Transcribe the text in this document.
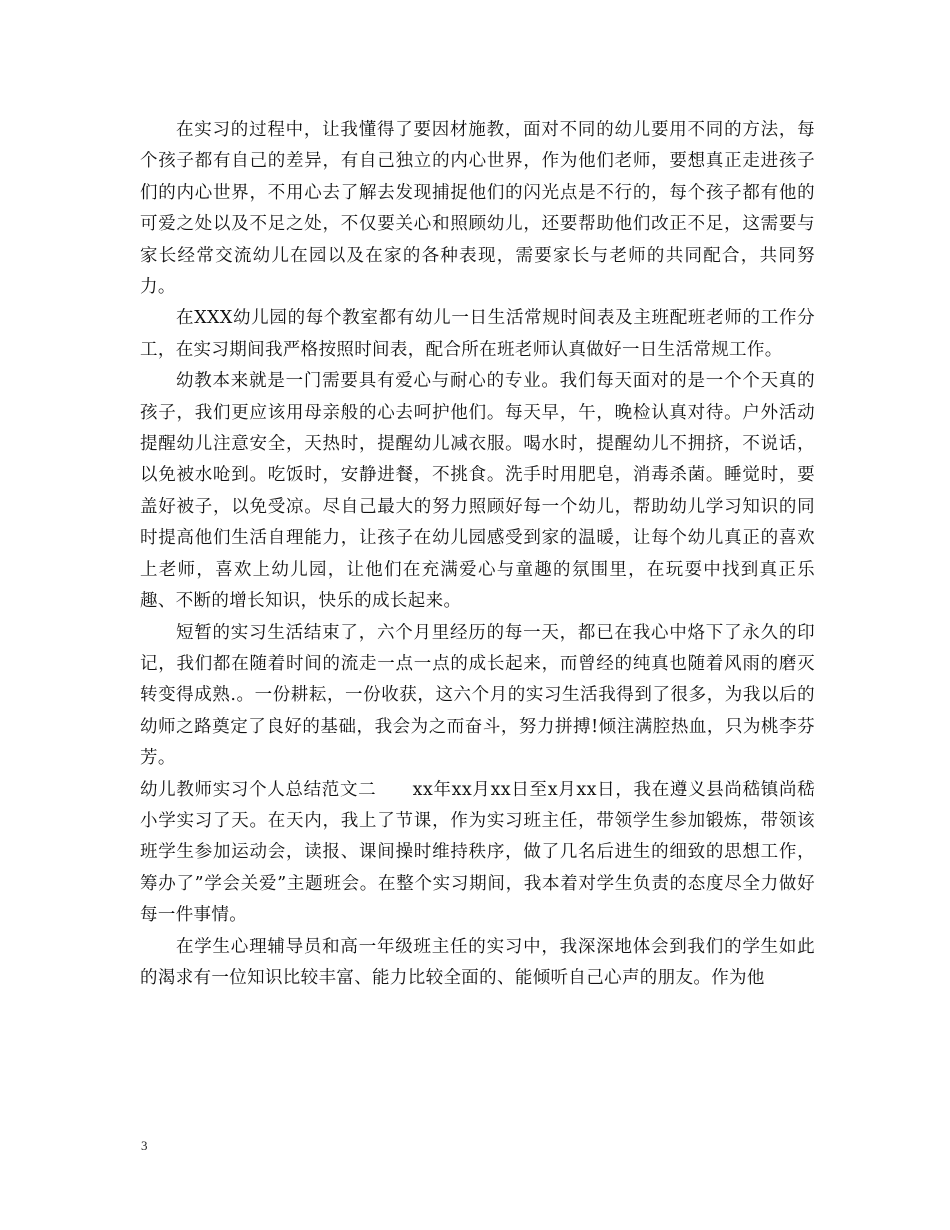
在实习的过程中，让我懂得了要因材施教，面对不同的幼儿要用不同的方法，每个孩子都有自己的差异，有自己独立的内心世界，作为他们老师，要想真正走进孩子们的内心世界，不用心去了解去发现捕捉他们的闪光点是不行的，每个孩子都有他的可爱之处以及不足之处，不仅要关心和照顾幼儿，还要帮助他们改正不足，这需要与家长经常交流幼儿在园以及在家的各种表现，需要家长与老师的共同配合，共同努力。

在XXX幼儿园的每个教室都有幼儿一日生活常规时间表及主班配班老师的工作分工，在实习期间我严格按照时间表，配合所在班老师认真做好一日生活常规工作。

幼教本来就是一门需要具有爱心与耐心的专业。我们每天面对的是一个个天真的孩子，我们更应该用母亲般的心去呵护他们。每天早，午，晚检认真对待。户外活动提醒幼儿注意安全，天热时，提醒幼儿减衣服。喝水时，提醒幼儿不拥挤，不说话，以免被水呛到。吃饭时，安静进餐，不挑食。洗手时用肥皂，消毒杀菌。睡觉时，要盖好被子，以免受凉。尽自己最大的努力照顾好每一个幼儿，帮助幼儿学习知识的同时提高他们生活自理能力，让孩子在幼儿园感受到家的温暖，让每个幼儿真正的喜欢上老师，喜欢上幼儿园，让他们在充满爱心与童趣的氛围里，在玩耍中找到真正乐趣、不断的增长知识，快乐的成长起来。

短暂的实习生活结束了，六个月里经历的每一天，都已在我心中烙下了永久的印记，我们都在随着时间的流走一点一点的成长起来，而曾经的纯真也随着风雨的磨灭转变得成熟.。一份耕耘，一份收获，这六个月的实习生活我得到了很多，为我以后的幼师之路奠定了良好的基础，我会为之而奋斗，努力拼搏!倾注满腔热血，只为桃李芬芳。

幼儿教师实习个人总结范文二　　xx年xx月xx日至x月xx日，我在遵义县尚嵇镇尚嵇小学实习了天。在天内，我上了节课，作为实习班主任，带领学生参加锻炼，带领该班学生参加运动会，读报、课间操时维持秩序，做了几名后进生的细致的思想工作，筹办了”学会关爱”主题班会。在整个实习期间，我本着对学生负责的态度尽全力做好每一件事情。

在学生心理辅导员和高一年级班主任的实习中，我深深地体会到我们的学生如此的渴求有一位知识比较丰富、能力比较全面的、能倾听自己心声的朋友。作为他

3
